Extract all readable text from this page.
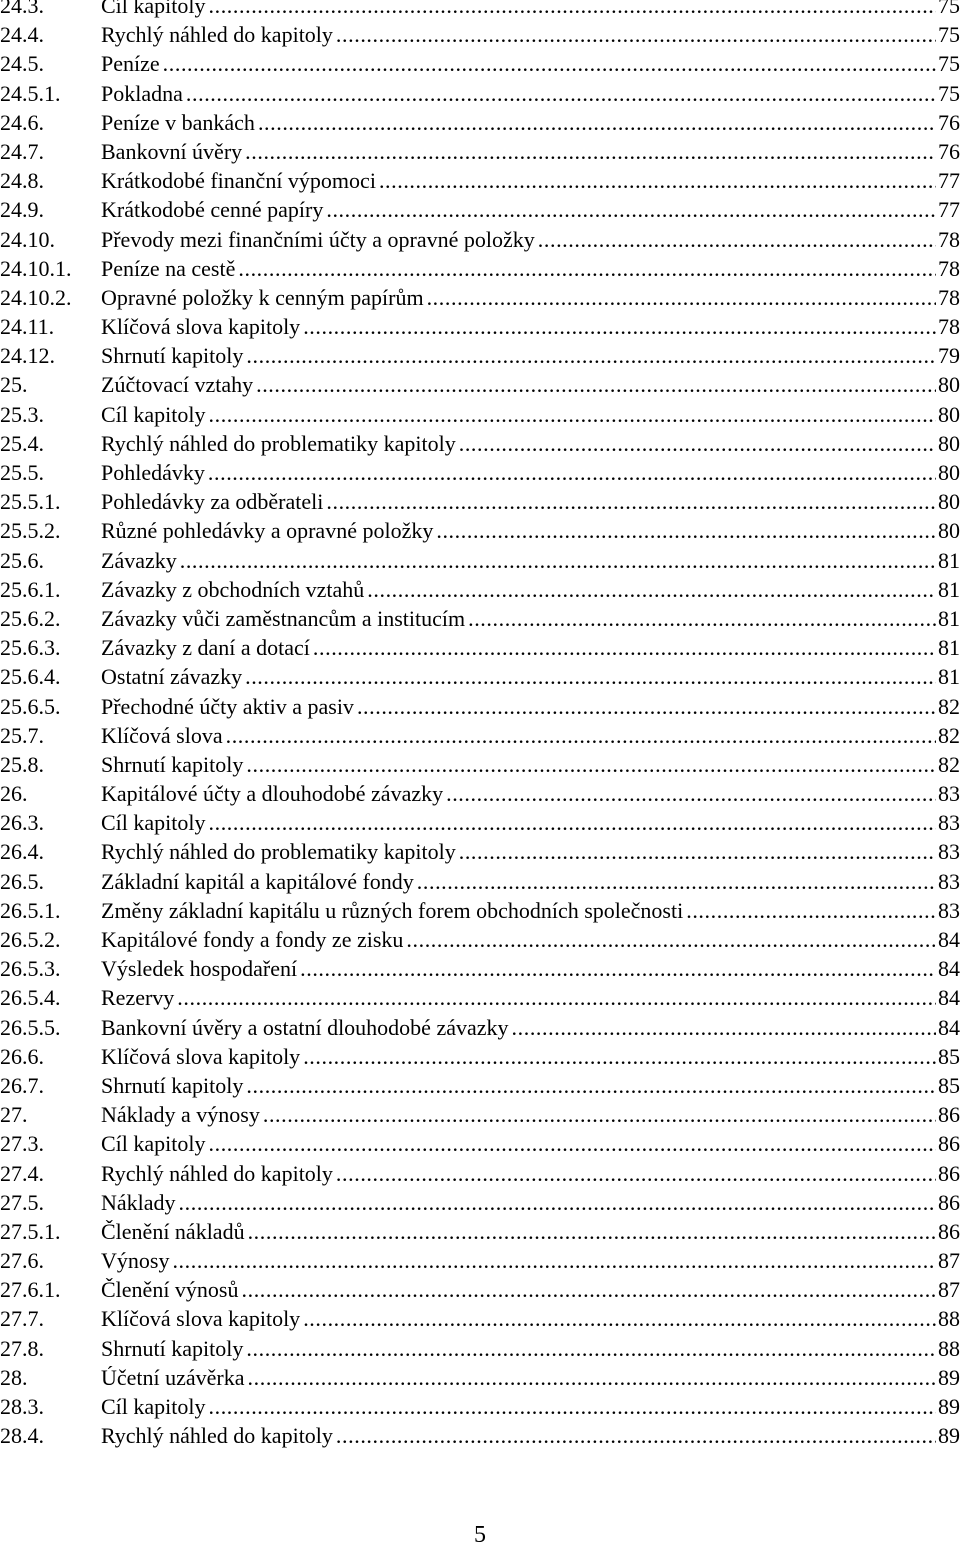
24.3.	Cíl kapitoly .....	75
24.4.	Rychlý náhled do kapitoly .....	75
24.5.	Peníze .....	75
24.5.1.	Pokladna .....	75
24.6.	Peníze v bankách .....	76
24.7.	Bankovní úvěry .....	76
24.8.	Krátkodobé finanční výpomoci .....	77
24.9.	Krátkodobé cenné papíry .....	77
24.10.	Převody mezi finančními účty a opravné položky .....	78
24.10.1.	Peníze na cestě .....	78
24.10.2.	Opravné položky k cenným papírům .....	78
24.11.	Klíčová slova kapitoly .....	78
24.12.	Shrnutí kapitoly .....	79
25.	Zúčtovací vztahy .....	80
25.3.	Cíl kapitoly .....	80
25.4.	Rychlý náhled do problematiky kapitoly .....	80
25.5.	Pohledávky .....	80
25.5.1.	Pohledávky za odběrateli .....	80
25.5.2.	Různé pohledávky a opravné položky .....	80
25.6.	Závazky .....	81
25.6.1.	Závazky z obchodních vztahů .....	81
25.6.2.	Závazky vůči zaměstnancům a institucím .....	81
25.6.3.	Závazky z daní a dotací .....	81
25.6.4.	Ostatní závazky .....	81
25.6.5.	Přechodné účty aktiv a pasiv .....	82
25.7.	Klíčová slova .....	82
25.8.	Shrnutí kapitoly .....	82
26.	Kapitálové účty a dlouhodobé závazky .....	83
26.3.	Cíl kapitoly .....	83
26.4.	Rychlý náhled do problematiky kapitoly .....	83
26.5.	Základní kapitál a kapitálové fondy .....	83
26.5.1.	Změny základní kapitálu u různých forem obchodních společnosti .....	83
26.5.2.	Kapitálové fondy a fondy ze zisku .....	84
26.5.3.	Výsledek hospodaření .....	84
26.5.4.	Rezervy .....	84
26.5.5.	Bankovní úvěry a ostatní dlouhodobé závazky .....	84
26.6.	Klíčová slova kapitoly .....	85
26.7.	Shrnutí kapitoly .....	85
27.	Náklady a výnosy .....	86
27.3.	Cíl kapitoly .....	86
27.4.	Rychlý náhled do kapitoly .....	86
27.5.	Náklady .....	86
27.5.1.	Členění nákladů .....	86
27.6.	Výnosy .....	87
27.6.1.	Členění výnosů .....	87
27.7.	Klíčová slova kapitoly .....	88
27.8.	Shrnutí kapitoly .....	88
28.	Účetní uzávěrka .....	89
28.3.	Cíl kapitoly .....	89
28.4.	Rychlý náhled do kapitoly .....	89
5
